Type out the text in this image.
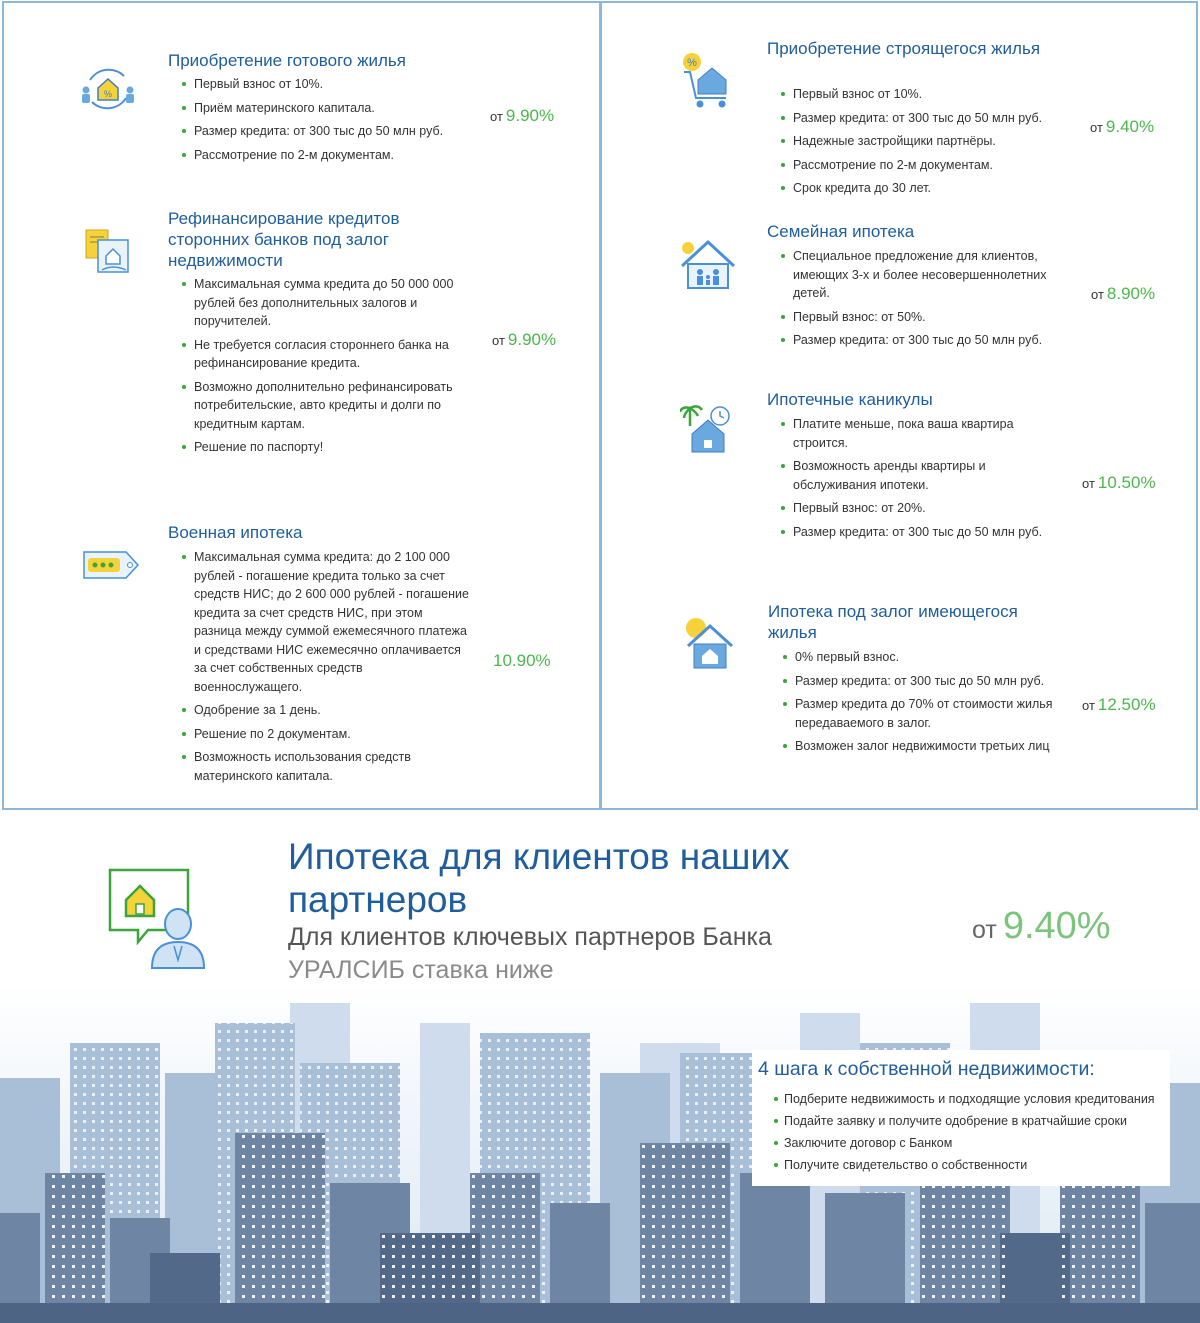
%
Приобретение готового жилья
Первый взнос от 10%.
Приём материнского капитала.
Размер кредита: от 300 тыс до 50 млн руб.
Рассмотрение по 2-м документам.
от 9.90%
Рефинансирование кредитов сторонних банков под залог недвижимости
Максимальная сумма кредита до 50 000 000 рублей без дополнительных залогов и поручителей.
Не требуется согласия стороннего банка на рефинансирование кредита.
Возможно дополнительно рефинансировать потребительские, авто кредиты и долги по кредитным картам.
Решение по паспорту!
от 9.90%
Военная ипотека
Максимальная сумма кредита: до 2 100 000 рублей - погашение кредита только за счет средств НИС; до 2 600 000 рублей - погашение кредита за счет средств НИС, при этом разница между суммой ежемесячного платежа и средствами НИС ежемесячно оплачивается за счет собственных средств военнослужащего.
Одобрение за 1 день.
Решение по 2 документам.
Возможность использования средств материнского капитала.
10.90%
%
Приобретение строящегося жилья
Первый взнос от 10%.
Размер кредита: от 300 тыс до 50 млн руб.
Надежные застройщики партнёры.
Рассмотрение по 2-м документам.
Срок кредита до 30 лет.
от 9.40%
Семейная ипотека
Специальное предложение для клиентов, имеющих 3-х и более несовершеннолетних детей.
Первый взнос: от 50%.
Размер кредита: от 300 тыс до 50 млн руб.
от 8.90%
Ипотечные каникулы
Платите меньше, пока ваша квартира строится.
Возможность аренды квартиры и обслуживания ипотеки.
Первый взнос: от 20%.
Размер кредита: от 300 тыс до 50 млн руб.
от 10.50%
Ипотека под залог имеющегося жилья
0% первый взнос.
Размер кредита: от 300 тыс до 50 млн руб.
Размер кредита до 70% от стоимости жилья передаваемого в залог.
Возможен залог недвижимости третьих лиц
от 12.50%
Ипотека для клиентов наших партнеров
Для клиентов ключевых партнеров Банка
УРАЛСИБ ставка ниже
от 9.40%
4 шага к собственной недвижимости:
Подберите недвижимость и подходящие условия кредитования
Подайте заявку и получите одобрение в кратчайшие сроки
Заключите договор с Банком
Получите свидетельство о собственности
